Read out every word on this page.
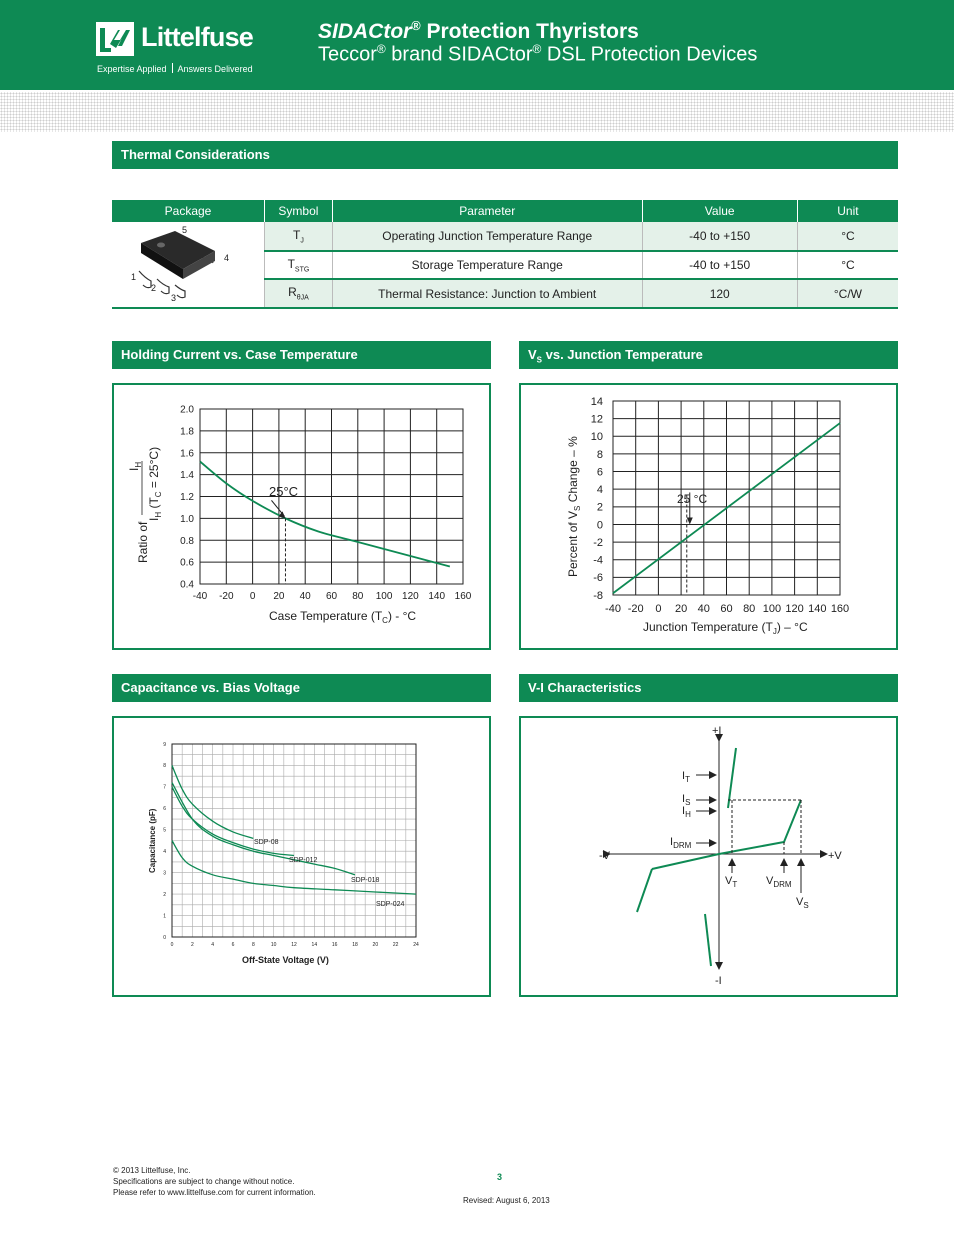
Littelfuse
Expertise Applied Answers Delivered
SIDACtor® Protection Thyristors
Teccor® brand SIDACtor® DSL Protection Devices
Thermal Considerations
Package	Symbol	Parameter	Value	Unit

5
4
1
2
3	$T_J$	Operating Junction Temperature Range	-40 to +150	°C
	$T_{STG}$	Storage Temperature Range	-40 to +150	°C
	$R_{\theta JA}$	Thermal Resistance: Junction to Ambient	120	°C/W
Holding Current vs. Case Temperature
-40 -20 0 20 40 60 80 100 120 140 160
0.4
0.6
0.8
1.0
1.2
1.4
1.6
1.8
2.0
Case Temperature $(T_C) - ^\circ C$
Ratio of
$I_H$
$I_H$ $(T_C = 25^\circ C)$
25°C
$V_S$ vs. Junction Temperature
-40 -20 0 20 40 60 80 100 120 140 160
-8
-6
-4
-2
0
2
4
6
8
10
12
14
Junction Temperature $(T_J) - ^\circ C$
Percent of $V_S$ Change – %	25 °C
Capacitance vs. Bias Voltage
0	2	4	6	8	10	12	14	16	18	20	22	24
0
1
2
3
4
5
6
7
8
9
SDP-08
SDP-012
SDP-018
SDP-024
Off-State Voltage (V)
Capacitance (pF)
V-I Characteristics
+I
-I
+V
-V
$I_T$
$I_S$
$I_H$
$I_{DRM}$
$V_T$	$V_{DRM}$
$V_S$
© 2013 Littelfuse, Inc.
Specifications are subject to change without notice.
Please refer to www.littelfuse.com for current information.
3
Revised: August 6, 2013
